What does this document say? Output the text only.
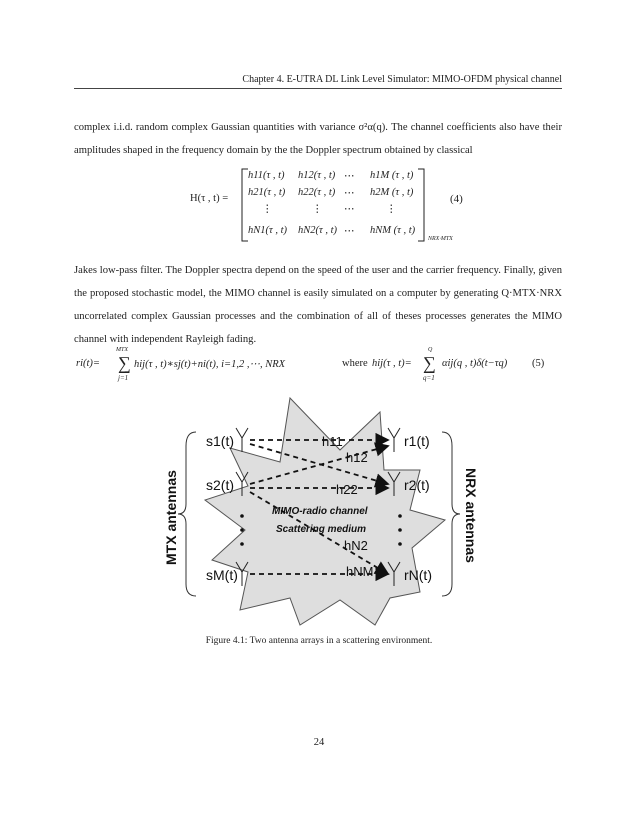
Chapter 4. E-UTRA DL Link Level Simulator: MIMO-OFDM physical channel
complex i.i.d. random complex Gaussian quantities with variance σ²α(q). The channel coefficients also have their amplitudes shaped in the frequency domain by the the Doppler spectrum obtained by classical
H(τ , t) =
h11(τ , t) h12(τ , t) ⋯ h1M (τ , t)
h21(τ , t) h22(τ , t) ⋯ h2M (τ , t)
⋮	⋮ ⋯	⋮
hN1(τ , t) hN2(τ , t) ⋯ hNM (τ , t)
NRX·MTX
(4)
Jakes low-pass filter. The Doppler spectra depend on the speed of the user and the carrier frequency. Finally, given the proposed stochastic model, the MIMO channel is easily simulated on a computer by generating Q·MTX·NRX uncorrelated complex Gaussian processes and the combination of all of theses processes generates the MIMO channel with independent Rayleigh fading.
ri(t)=
MTX
∑
j=1
hij(τ , t)∗sj(t)+ni(t), i=1,2 ,⋯, NRX	where hij(τ , t)=
Q
∑
q=1
αij(q , t)δ(t−τq) (5)
MTX antennas	NRX antennas
s1(t)
s2(t)
sM(t)
r1(t)
r2(t)
rN(t)
h11
h12
h22
hN2
hNM
MIMO-radio channel
Scattering medium
Figure 4.1: Two antenna arrays in a scattering environment.
24
